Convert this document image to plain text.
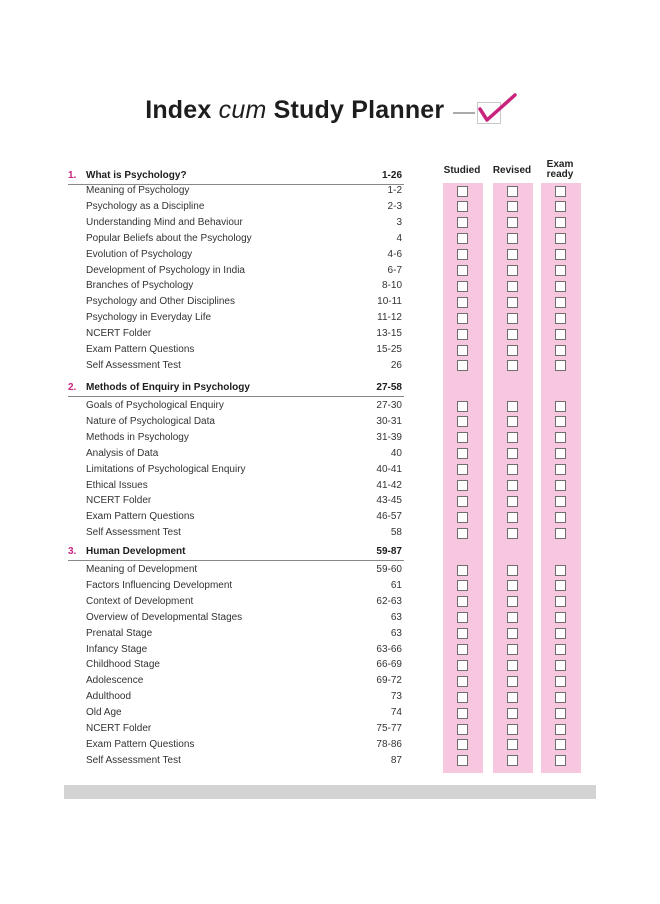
Index cum Study Planner
Studied	Revised
Exam
ready
1. What is Psychology?	1-26
Meaning of Psychology	1-2
Psychology as a Discipline	2-3
Understanding Mind and Behaviour	3
Popular Beliefs about the Psychology	4
Evolution of Psychology	4-6
Development of Psychology in India	6-7
Branches of Psychology	8-10
Psychology and Other Disciplines	10-11
Psychology in Everyday Life	11-12
NCERT Folder	13-15
Exam Pattern Questions	15-25
Self Assessment Test	26
2. Methods of Enquiry in Psychology	27-58
Goals of Psychological Enquiry	27-30
Nature of Psychological Data	30-31
Methods in Psychology	31-39
Analysis of Data	40
Limitations of Psychological Enquiry	40-41
Ethical Issues	41-42
NCERT Folder	43-45
Exam Pattern Questions	46-57
Self Assessment Test	58
3. Human Development	59-87
Meaning of Development	59-60
Factors Influencing Development	61
Context of Development	62-63
Overview of Developmental Stages	63
Prenatal Stage	63
Infancy Stage	63-66
Childhood Stage	66-69
Adolescence	69-72
Adulthood	73
Old Age	74
NCERT Folder	75-77
Exam Pattern Questions	78-86
Self Assessment Test	87
